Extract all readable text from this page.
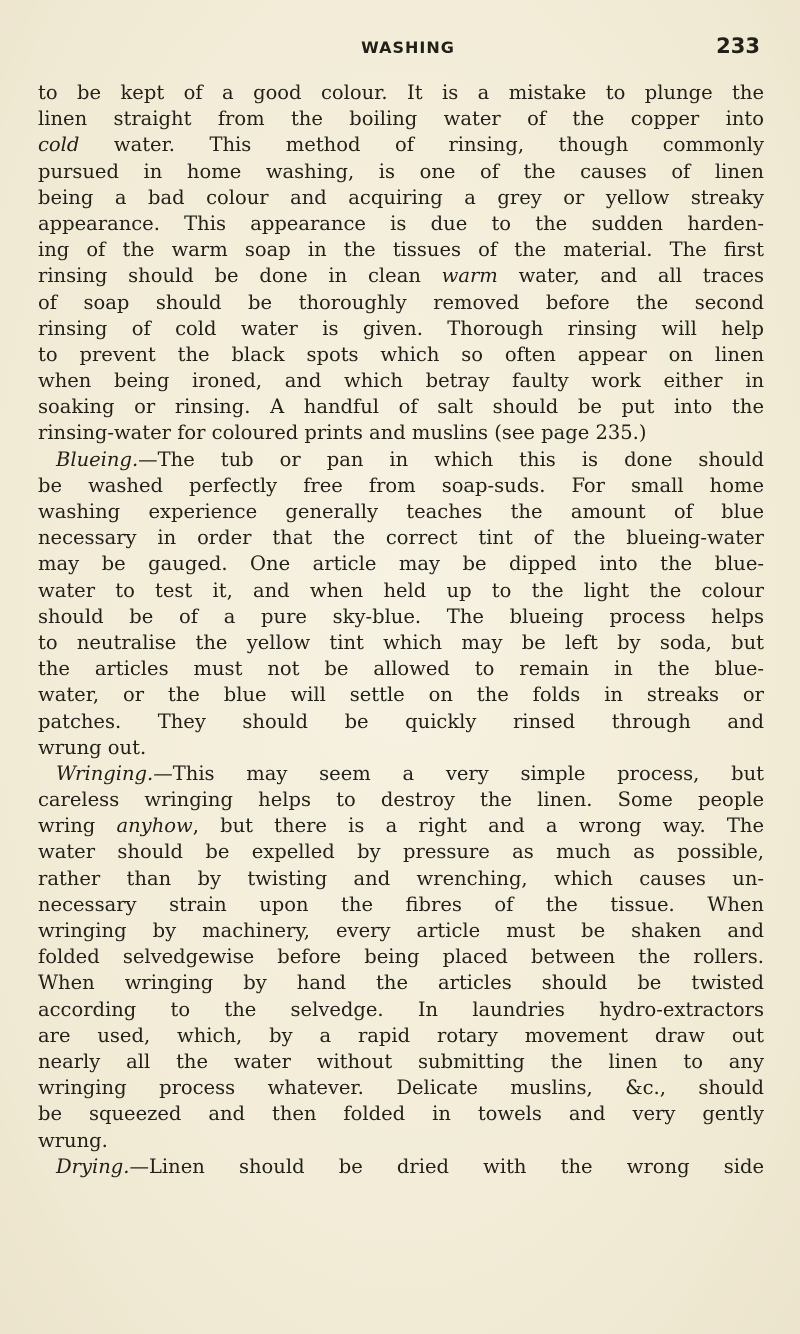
WASHING	233
to be kept of a good colour. It is a mistake to plunge the
linen straight from the boiling water of the copper into
cold water. This method of rinsing, though commonly
pursued in home washing, is one of the causes of linen
being a bad colour and acquiring a grey or yellow streaky
appearance. This appearance is due to the sudden harden-
ing of the warm soap in the tissues of the material. The first
rinsing should be done in clean warm water, and all traces
of soap should be thoroughly removed before the second
rinsing of cold water is given. Thorough rinsing will help
to prevent the black spots which so often appear on linen
when being ironed, and which betray faulty work either in
soaking or rinsing. A handful of salt should be put into the
rinsing-water for coloured prints and muslins (see page 235.)
Blueing.—The tub or pan in which this is done should
be washed perfectly free from soap-suds. For small home
washing experience generally teaches the amount of blue
necessary in order that the correct tint of the blueing-water
may be gauged. One article may be dipped into the blue-
water to test it, and when held up to the light the colour
should be of a pure sky-blue. The blueing process helps
to neutralise the yellow tint which may be left by soda, but
the articles must not be allowed to remain in the blue-
water, or the blue will settle on the folds in streaks or
patches. They should be quickly rinsed through and
wrung out.
Wringing.—This may seem a very simple process, but
careless wringing helps to destroy the linen. Some people
wring anyhow, but there is a right and a wrong way. The
water should be expelled by pressure as much as possible,
rather than by twisting and wrenching, which causes un-
necessary strain upon the fibres of the tissue. When
wringing by machinery, every article must be shaken and
folded selvedgewise before being placed between the rollers.
When wringing by hand the articles should be twisted
according to the selvedge. In laundries hydro-extractors
are used, which, by a rapid rotary movement draw out
nearly all the water without submitting the linen to any
wringing process whatever. Delicate muslins, &c., should
be squeezed and then folded in towels and very gently
wrung.
Drying.—Linen should be dried with the wrong side
